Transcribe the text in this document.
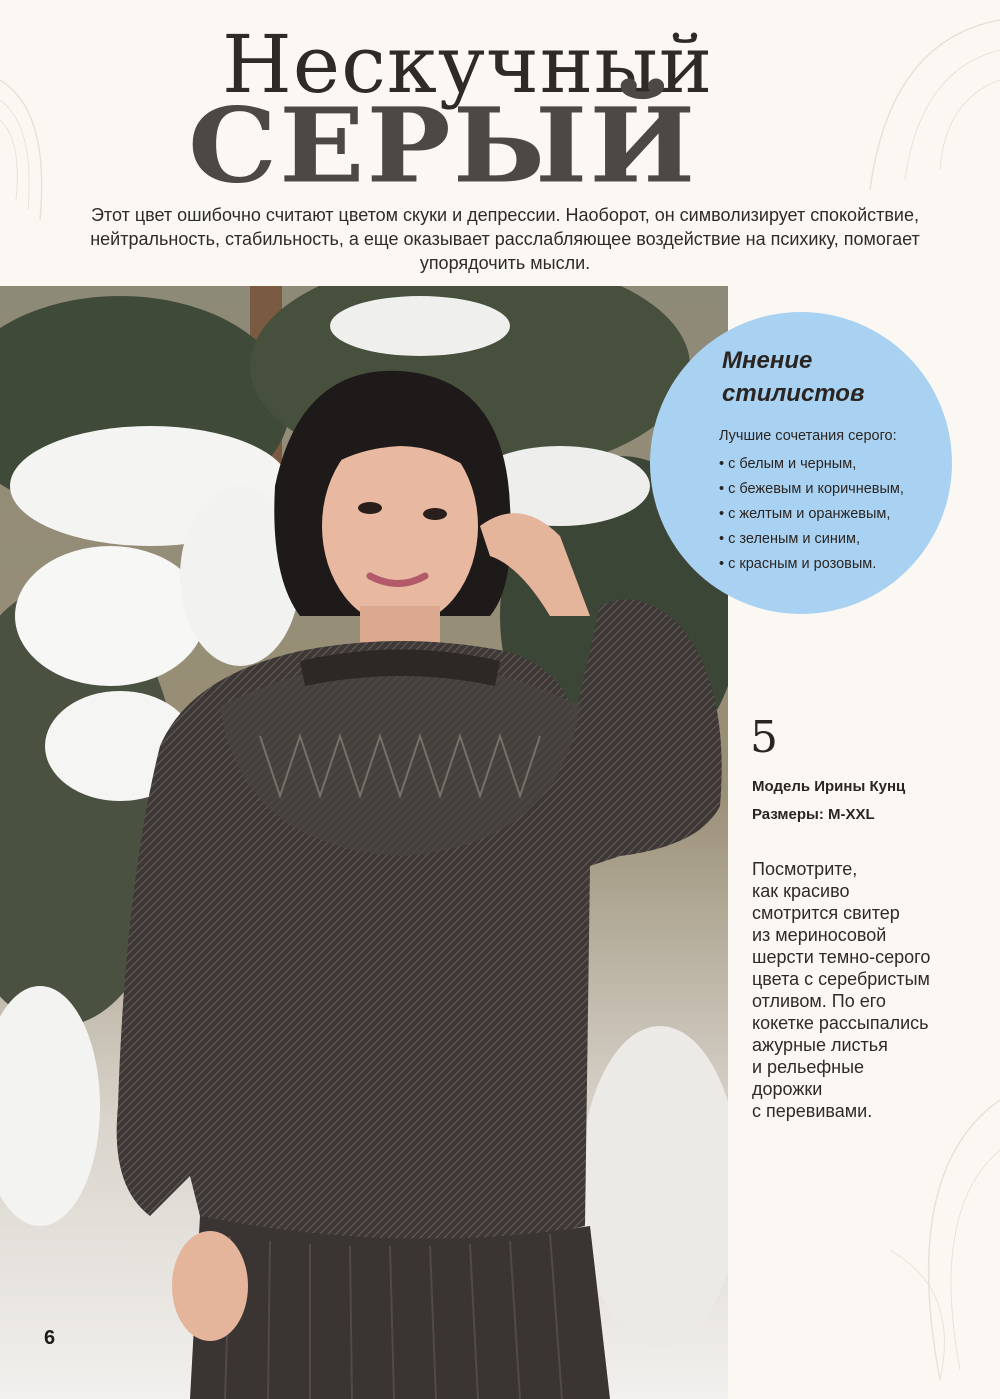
Нескучный
СЕРЫЙ
Этот цвет ошибочно считают цветом скуки и депрессии. Наоборот, он символизирует спокойствие, нейтральность, стабильность, а еще оказывает расслабляющее воздействие на психику, помогает упорядочить мысли.
Мнение
стилистов
Лучшие сочетания серого:
• с белым и черным,
• с бежевым и коричневым,
• с желтым и оранжевым,
• с зеленым и синим,
• с красным и розовым.
5
Модель Ирины Кунц
Размеры: M-XXL
Посмотрите,
как красиво
смотрится свитер
из мериносовой
шерсти темно-серого
цвета с серебристым
отливом. По его
кокетке рассыпались
ажурные листья
и рельефные
дорожки
с перевивами.
6
